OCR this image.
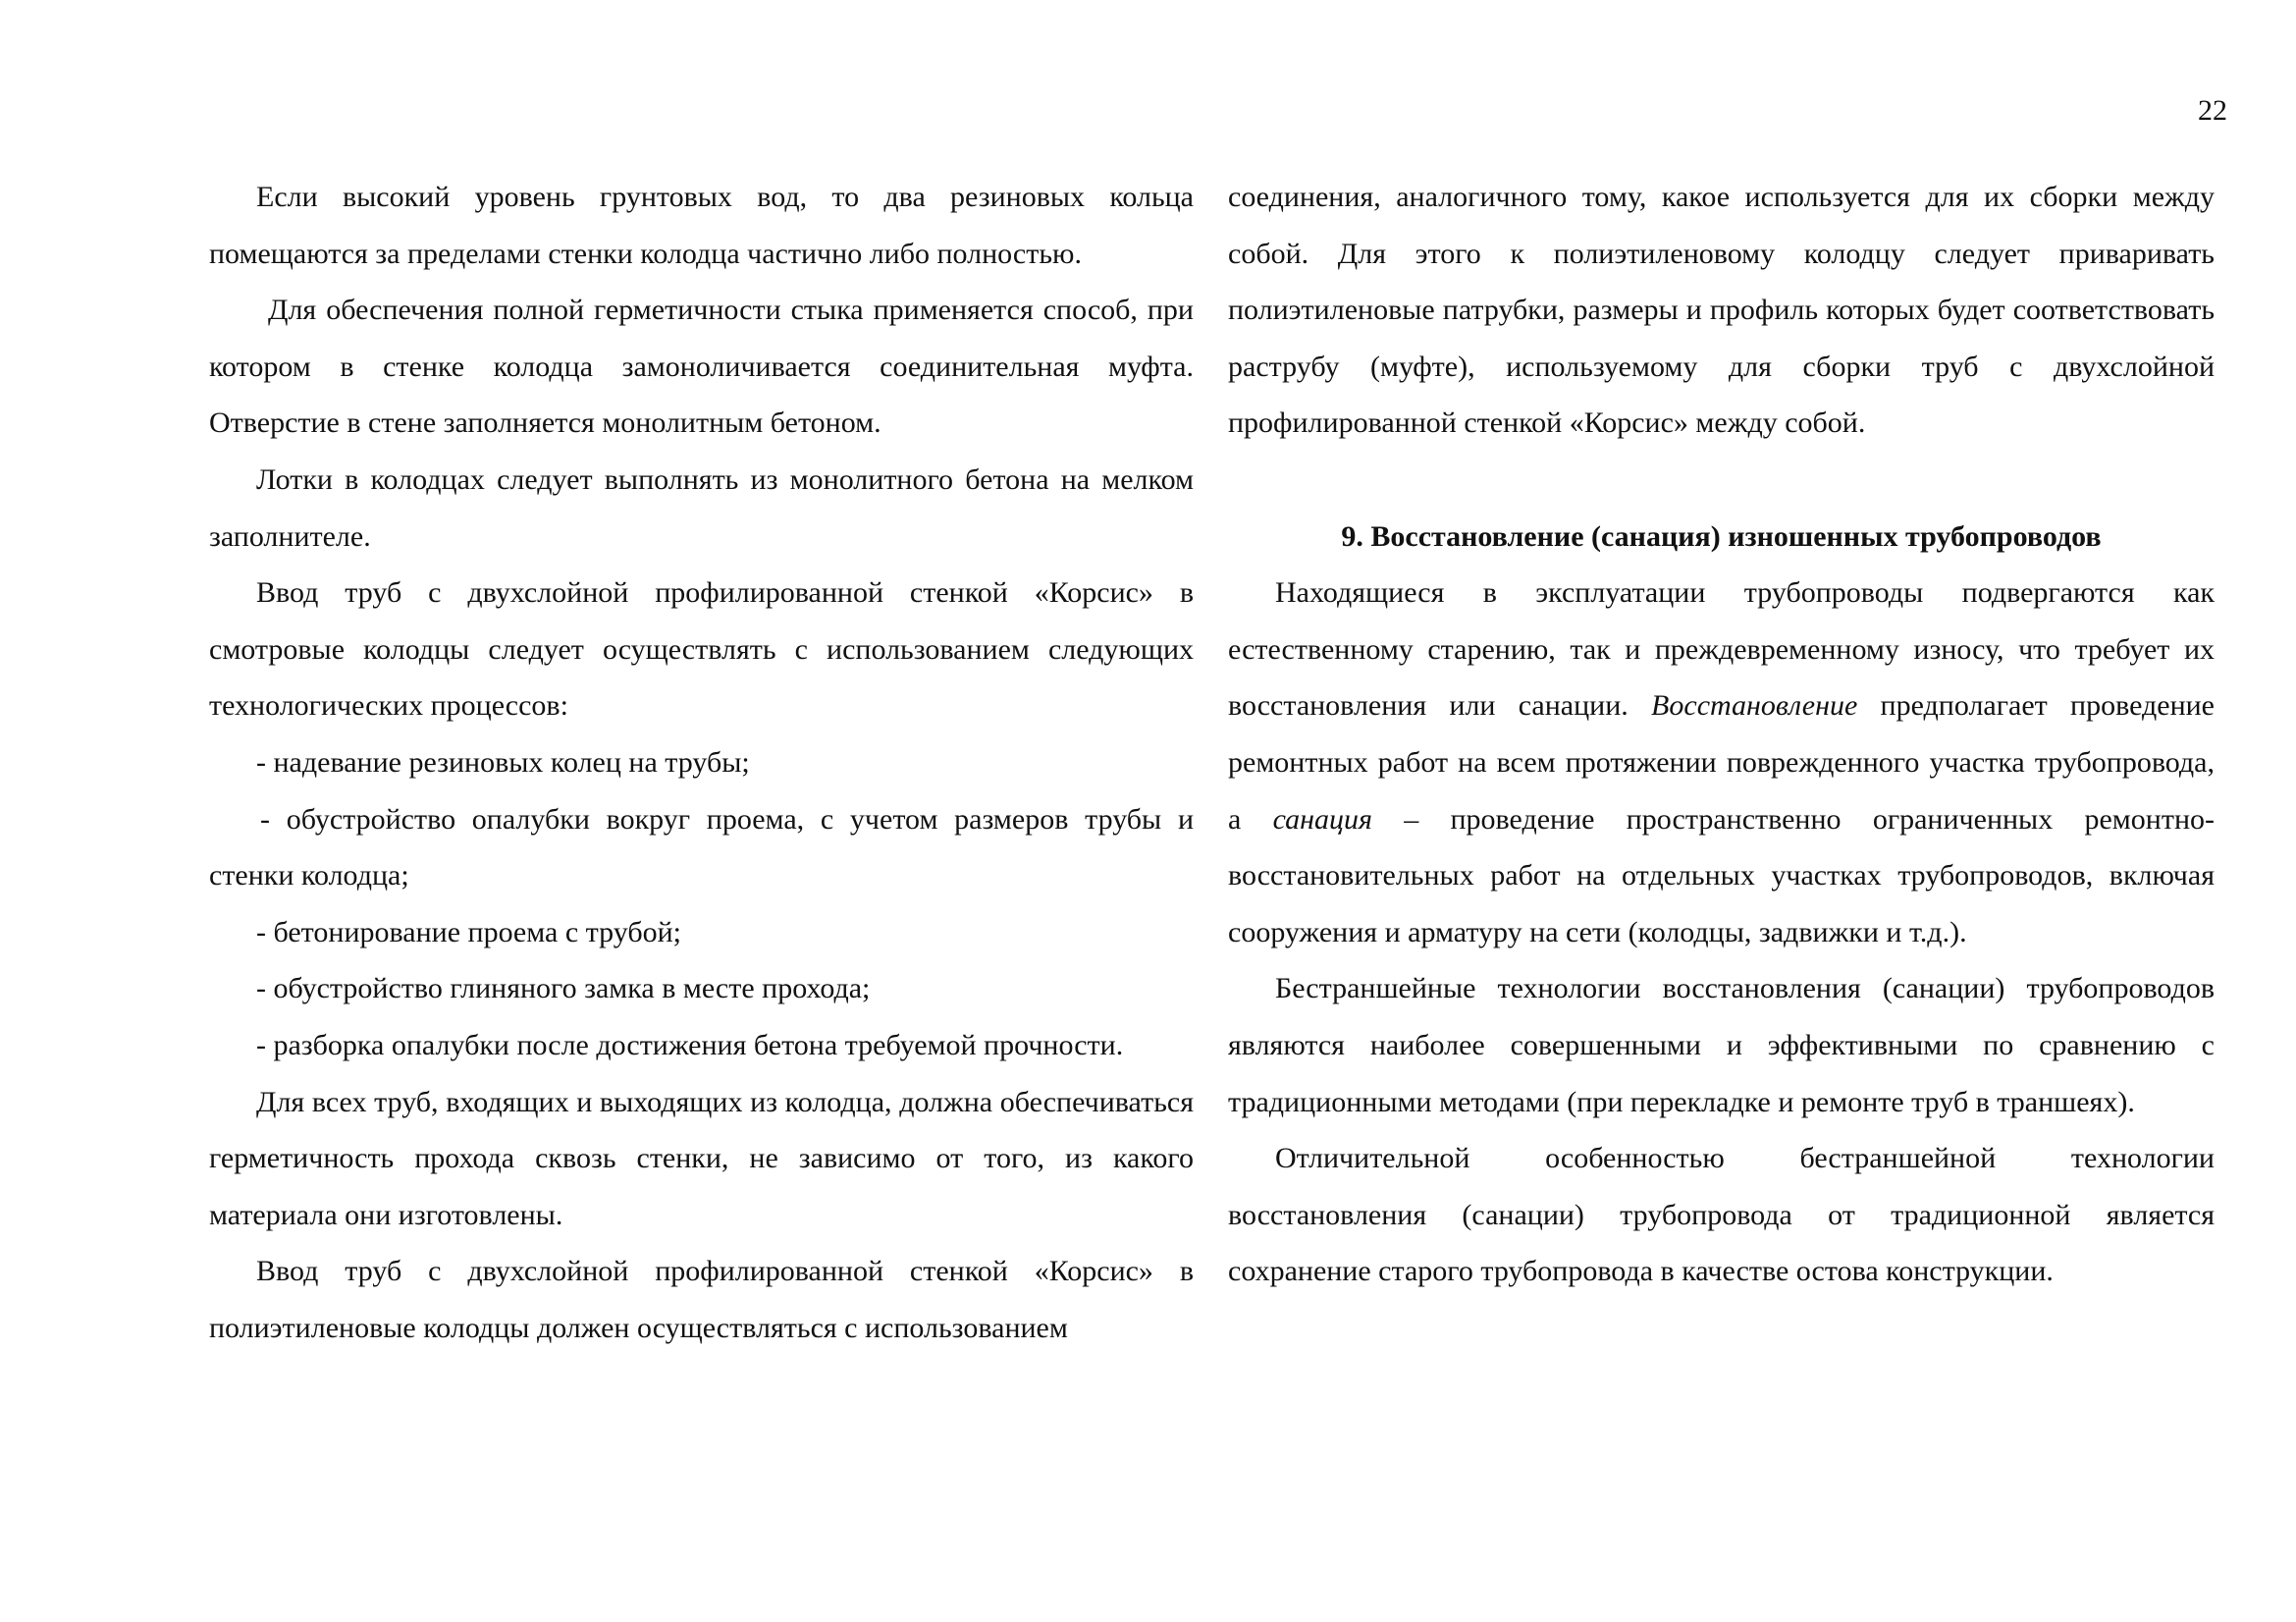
22

Если высокий уровень грунтовых вод, то два резиновых кольца помещаются за пределами стенки колодца частично либо полностью.

Для обеспечения полной герметичности стыка применяется способ, при котором в стенке колодца замоноличивается соединительная муфта. Отверстие в стене заполняется монолитным бетоном.

Лотки в колодцах следует выполнять из монолитного бетона на мелком заполнителе.

Ввод труб с двухслойной профилированной стенкой «Корсис» в смотровые колодцы следует осуществлять с использованием следующих технологических процессов:

- надевание резиновых колец на трубы;

- обустройство опалубки вокруг проема, с учетом размеров трубы и стенки колодца;

- бетонирование проема с трубой;

- обустройство глиняного замка в месте прохода;

- разборка опалубки после достижения бетона требуемой прочности.

Для всех труб, входящих и выходящих из колодца, должна обеспечиваться герметичность прохода сквозь стенки, не зависимо от того, из какого материала они изготовлены.

Ввод труб с двухслойной профилированной стенкой «Корсис» в полиэтиленовые колодцы должен осуществляться с использованием

соединения, аналогичного тому, какое используется для их сборки между собой. Для этого к полиэтиленовому колодцу следует приваривать полиэтиленовые патрубки, размеры и профиль которых будет соответствовать раструбу (муфте), используемому для сборки труб с двухслойной профилированной стенкой «Корсис» между собой.

9. Восстановление (санация) изношенных трубопроводов

Находящиеся в эксплуатации трубопроводы подвергаются как естественному старению, так и преждевременному износу, что требует их восстановления или санации. Восстановление предполагает проведение ремонтных работ на всем протяжении поврежденного участка трубопровода, а санация – проведение пространственно ограниченных ремонтно-восстановительных работ на отдельных участках трубопроводов, включая сооружения и арматуру на сети (колодцы, задвижки и т.д.).

Бестраншейные технологии восстановления (санации) трубопроводов являются наиболее совершенными и эффективными по сравнению с традиционными методами (при перекладке и ремонте труб в траншеях).

Отличительной особенностью бестраншейной технологии восстановления (санации) трубопровода от традиционной является сохранение старого трубопровода в качестве остова конструкции.
